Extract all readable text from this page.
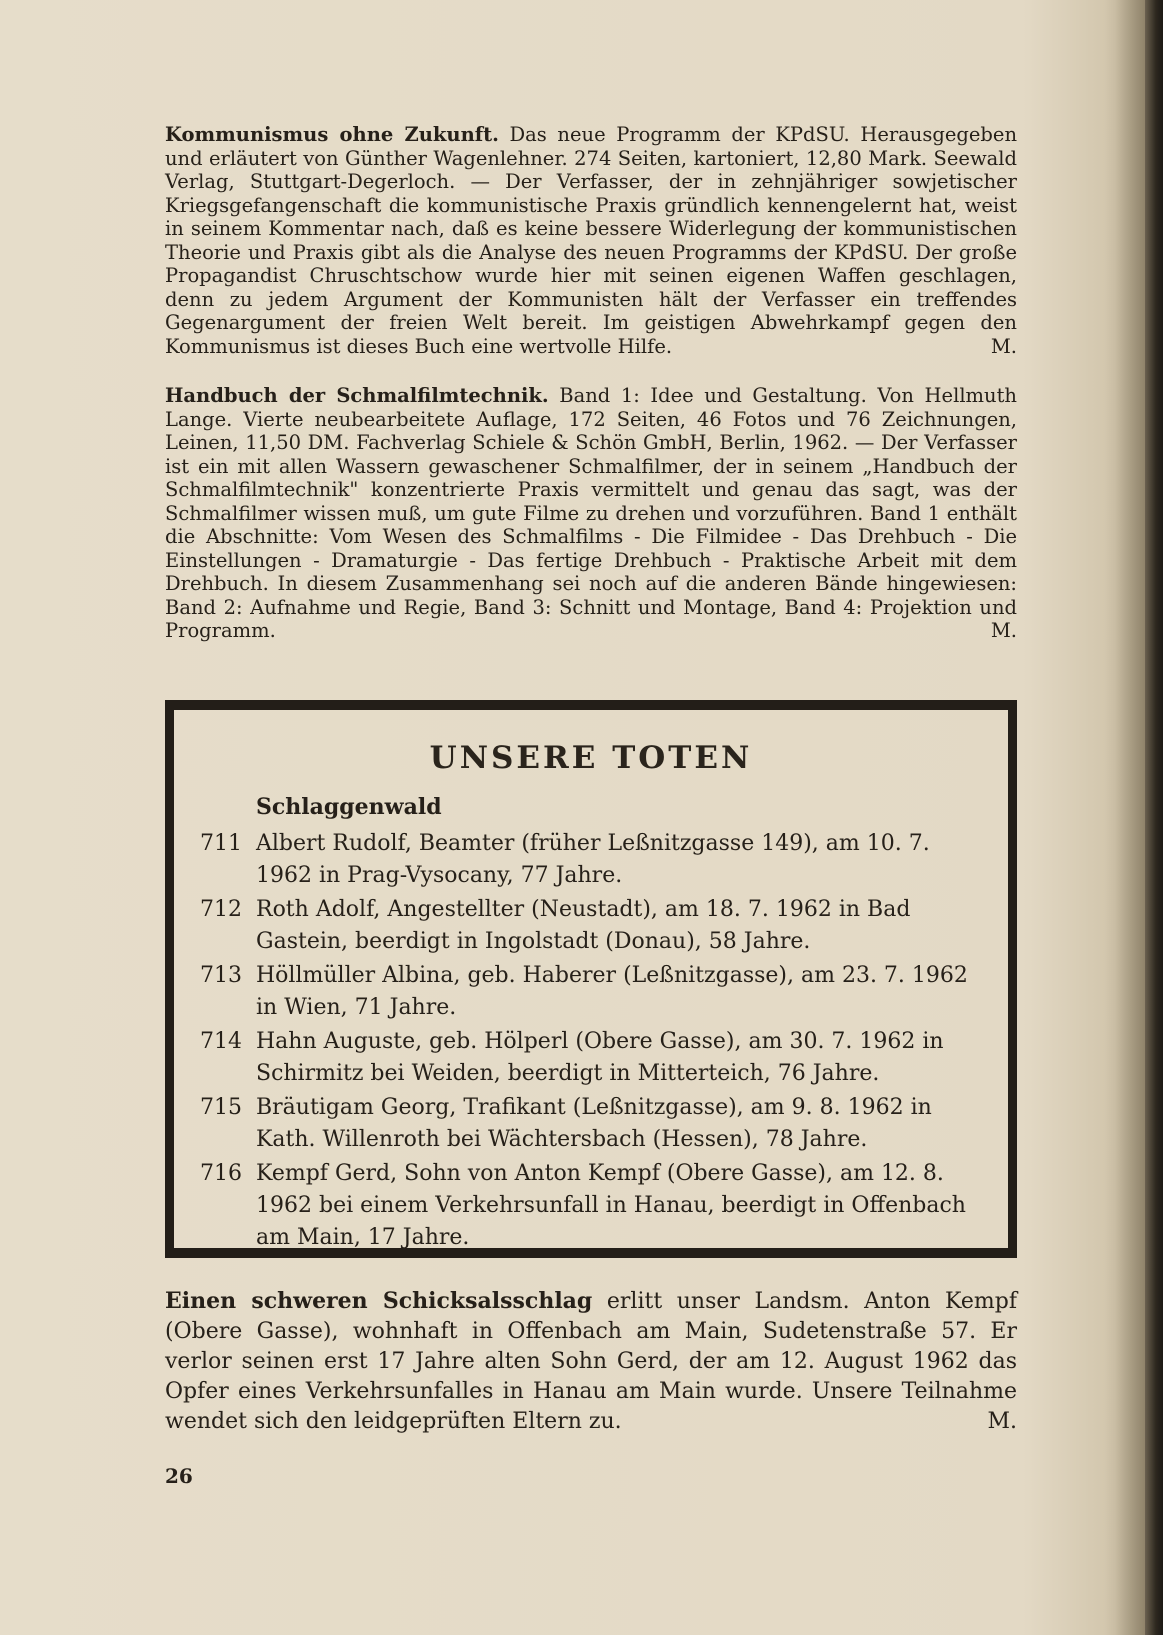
Kommunismus ohne Zukunft. Das neue Programm der KPdSU. Herausgegeben und erläutert von Günther Wagenlehner. 274 Seiten, kartoniert, 12,80 Mark. Seewald Verlag, Stuttgart-Degerloch. — Der Verfasser, der in zehnjähriger sowjetischer Kriegsgefangenschaft die kommunistische Praxis gründlich kennengelernt hat, weist in seinem Kommentar nach, daß es keine bessere Widerlegung der kommunistischen Theorie und Praxis gibt als die Analyse des neuen Programms der KPdSU. Der große Propagandist Chruschtschow wurde hier mit seinen eigenen Waffen geschlagen, denn zu jedem Argument der Kommunisten hält der Verfasser ein treffendes Gegenargument der freien Welt bereit. Im geistigen Abwehrkampf gegen den Kommunismus ist dieses Buch eine wertvolle Hilfe.	M.

Handbuch der Schmalfilmtechnik. Band 1: Idee und Gestaltung. Von Hellmuth Lange. Vierte neubearbeitete Auflage, 172 Seiten, 46 Fotos und 76 Zeichnungen, Leinen, 11,50 DM. Fachverlag Schiele & Schön GmbH, Berlin, 1962. — Der Verfasser ist ein mit allen Wassern gewaschener Schmalfilmer, der in seinem „Handbuch der Schmalfilmtechnik" konzentrierte Praxis vermittelt und genau das sagt, was der Schmalfilmer wissen muß, um gute Filme zu drehen und vorzuführen. Band 1 enthält die Abschnitte: Vom Wesen des Schmalfilms - Die Filmidee - Das Drehbuch - Die Einstellungen - Dramaturgie - Das fertige Drehbuch - Praktische Arbeit mit dem Drehbuch. In diesem Zusammenhang sei noch auf die anderen Bände hingewiesen: Band 2: Aufnahme und Regie, Band 3: Schnitt und Montage, Band 4: Projektion und Programm.	M.

UNSERE TOTEN
Schlaggenwald
711 Albert Rudolf, Beamter (früher Leßnitzgasse 149), am 10. 7. 1962 in Prag-Vysocany, 77 Jahre.
712 Roth Adolf, Angestellter (Neustadt), am 18. 7. 1962 in Bad Gastein, beerdigt in Ingolstadt (Donau), 58 Jahre.
713 Höllmüller Albina, geb. Haberer (Leßnitzgasse), am 23. 7. 1962 in Wien, 71 Jahre.
714 Hahn Auguste, geb. Hölperl (Obere Gasse), am 30. 7. 1962 in Schirmitz bei Weiden, beerdigt in Mitterteich, 76 Jahre.
715 Bräutigam Georg, Trafikant (Leßnitzgasse), am 9. 8. 1962 in Kath. Willenroth bei Wächtersbach (Hessen), 78 Jahre.
716 Kempf Gerd, Sohn von Anton Kempf (Obere Gasse), am 12. 8. 1962 bei einem Verkehrsunfall in Hanau, beerdigt in Offenbach am Main, 17 Jahre.
Einen schweren Schicksalsschlag erlitt unser Landsm. Anton Kempf (Obere Gasse), wohnhaft in Offenbach am Main, Sudetenstraße 57. Er verlor seinen erst 17 Jahre alten Sohn Gerd, der am 12. August 1962 das Opfer eines Verkehrsunfalles in Hanau am Main wurde. Unsere Teilnahme wendet sich den leidgeprüften Eltern zu.	M.
26
